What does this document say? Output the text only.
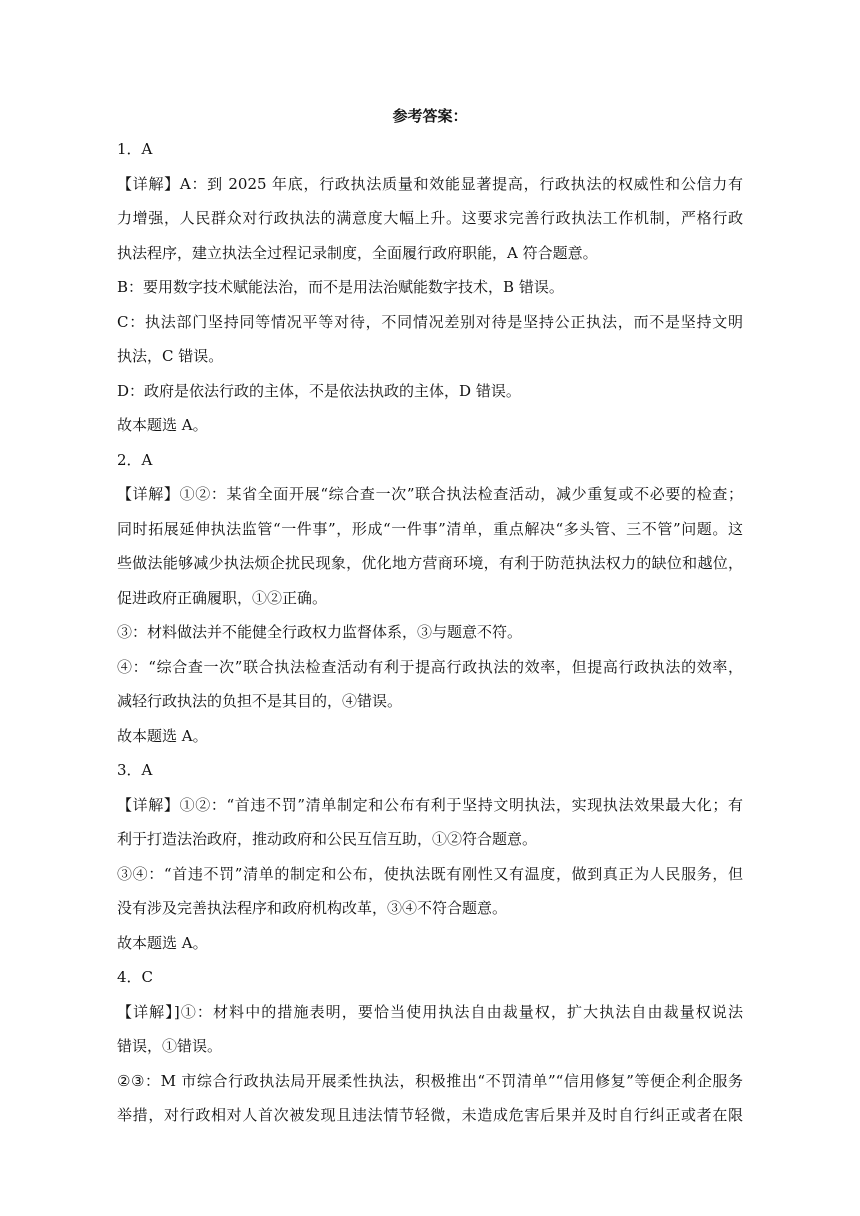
参考答案：
1．A
【详解】A：到 2025 年底，行政执法质量和效能显著提高，行政执法的权威性和公信力有
力增强，人民群众对行政执法的满意度大幅上升。这要求完善行政执法工作机制，严格行政
执法程序，建立执法全过程记录制度，全面履行政府职能，A 符合题意。
B：要用数字技术赋能法治，而不是用法治赋能数字技术，B 错误。
C：执法部门坚持同等情况平等对待，不同情况差别对待是坚持公正执法，而不是坚持文明
执法，C 错误。
D：政府是依法行政的主体，不是依法执政的主体，D 错误。
故本题选 A。
2．A
【详解】①②：某省全面开展“综合查一次”联合执法检查活动，减少重复或不必要的检查；
同时拓展延伸执法监管“一件事”，形成“一件事”清单，重点解决“多头管、三不管”问题。这
些做法能够减少执法烦企扰民现象，优化地方营商环境，有利于防范执法权力的缺位和越位，
促进政府正确履职，①②正确。
③：材料做法并不能健全行政权力监督体系，③与题意不符。
④：“综合查一次”联合执法检查活动有利于提高行政执法的效率，但提高行政执法的效率，
减轻行政执法的负担不是其目的，④错误。
故本题选 A。
3．A
【详解】①②：“首违不罚”清单制定和公布有利于坚持文明执法，实现执法效果最大化；有
利于打造法治政府，推动政府和公民互信互助，①②符合题意。
③④：“首违不罚”清单的制定和公布，使执法既有刚性又有温度，做到真正为人民服务，但
没有涉及完善执法程序和政府机构改革，③④不符合题意。
故本题选 A。
4．C
【详解】]①：材料中的措施表明，要恰当使用执法自由裁量权，扩大执法自由裁量权说法
错误，①错误。
②③：M 市综合行政执法局开展柔性执法，积极推出“不罚清单”“信用修复”等便企利企服务
举措，对行政相对人首次被发现且违法情节轻微，未造成危害后果并及时自行纠正或者在限
